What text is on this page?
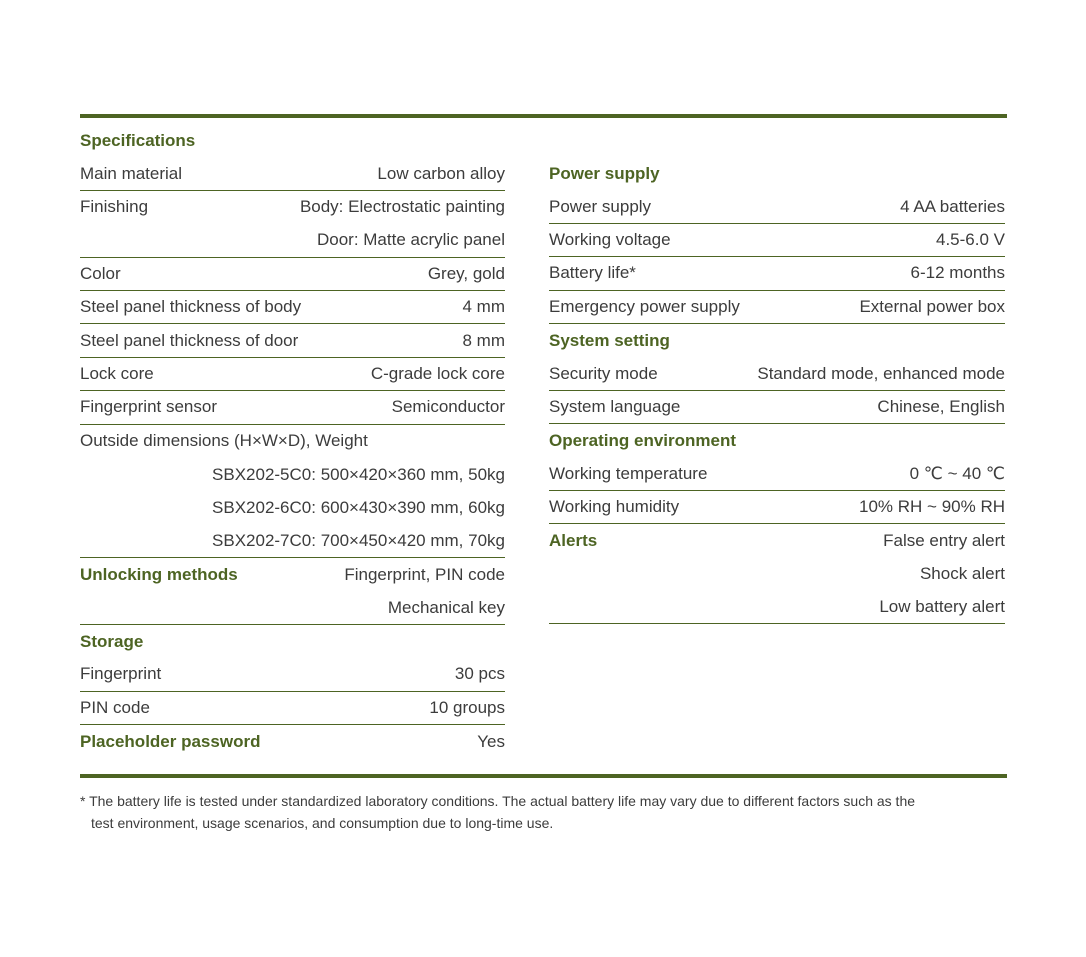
Specifications
Main material	Low carbon alloy
Finishing	Body: Electrostatic painting
Door: Matte acrylic panel
Color	Grey, gold
Steel panel thickness of body	4 mm
Steel panel thickness of door	8 mm
Lock core	C-grade lock core
Fingerprint sensor	Semiconductor
Outside dimensions (H×W×D), Weight
SBX202-5C0: 500×420×360 mm, 50kg
SBX202-6C0: 600×430×390 mm, 60kg
SBX202-7C0: 700×450×420 mm, 70kg
Unlocking methods	Fingerprint, PIN code
Mechanical key
Storage
Fingerprint	30 pcs
PIN code	10 groups
Placeholder password	Yes
Power supply
Power supply	4 AA batteries
Working voltage	4.5-6.0 V
Battery life*	6-12 months
Emergency power supply	External power box
System setting
Security mode	Standard mode, enhanced mode
System language	Chinese, English
Operating environment
Working temperature	0 ℃ ~ 40 ℃
Working humidity	10% RH ~ 90% RH
Alerts	False entry alert
Shock alert
Low battery alert
* The battery life is tested under standardized laboratory conditions. The actual battery life may vary due to different factors such as the
test environment, usage scenarios, and consumption due to long-time use.
